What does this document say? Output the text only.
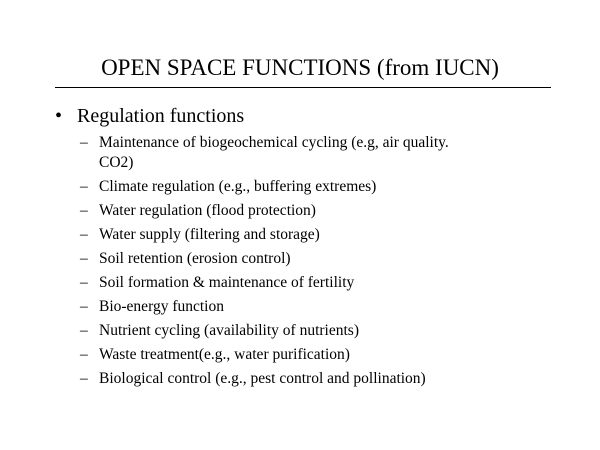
OPEN SPACE FUNCTIONS (from IUCN)
• Regulation functions
– Maintenance of biogeochemical cycling (e.g, air quality.
CO2)
– Climate regulation (e.g., buffering extremes)
– Water regulation (flood protection)
– Water supply (filtering and storage)
– Soil retention (erosion control)
– Soil formation & maintenance of fertility
– Bio-energy function
– Nutrient cycling (availability of nutrients)
– Waste treatment(e.g., water purification)
– Biological control (e.g., pest control and pollination)
